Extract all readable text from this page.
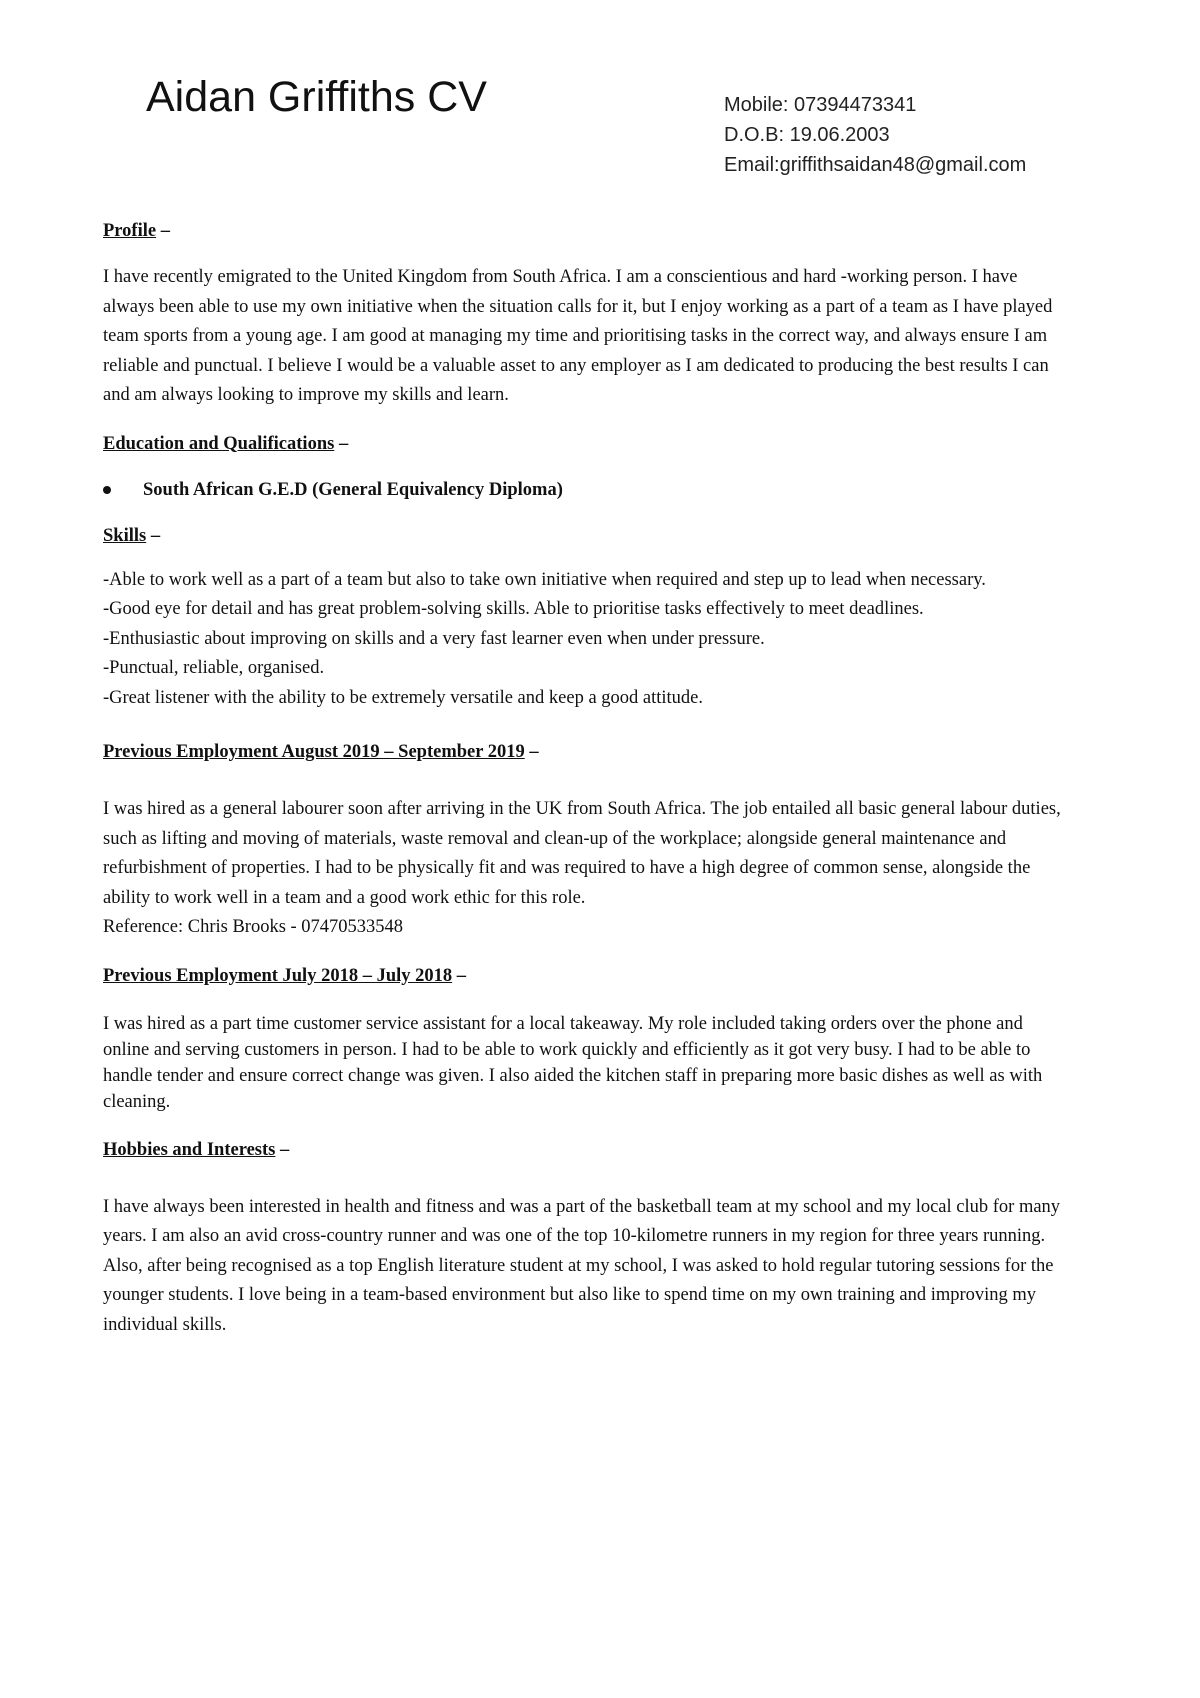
Aidan Griffiths CV	Mobile: 07394473341
D.O.B: 19.06.2003
Email:griffithsaidan48@gmail.com

Profile –

I have recently emigrated to the United Kingdom from South Africa. I am a conscientious and hard -working person. I have always been able to use my own initiative when the situation calls for it, but I enjoy working as a part of a team as I have played team sports from a young age. I am good at managing my time and prioritising tasks in the correct way, and always ensure I am reliable and punctual. I believe I would be a valuable asset to any employer as I am dedicated to producing the best results I can and am always looking to improve my skills and learn.

Education and Qualifications –

South African G.E.D (General Equivalency Diploma)

Skills –

-Able to work well as a part of a team but also to take own initiative when required and step up to lead when necessary.
-Good eye for detail and has great problem-solving skills. Able to prioritise tasks effectively to meet deadlines.
-Enthusiastic about improving on skills and a very fast learner even when under pressure.
-Punctual, reliable, organised.
-Great listener with the ability to be extremely versatile and keep a good attitude.

Previous Employment August 2019 – September 2019 –

I was hired as a general labourer soon after arriving in the UK from South Africa. The job entailed all basic general labour duties, such as lifting and moving of materials, waste removal and clean-up of the workplace; alongside general maintenance and refurbishment of properties. I had to be physically fit and was required to have a high degree of common sense, alongside the ability to work well in a team and a good work ethic for this role.
Reference: Chris Brooks - 07470533548

Previous Employment July 2018 – July 2018 –

I was hired as a part time customer service assistant for a local takeaway. My role included taking orders over the phone and online and serving customers in person. I had to be able to work quickly and efficiently as it got very busy. I had to be able to handle tender and ensure correct change was given. I also aided the kitchen staff in preparing more basic dishes as well as with cleaning.

Hobbies and Interests –

I have always been interested in health and fitness and was a part of the basketball team at my school and my local club for many years. I am also an avid cross-country runner and was one of the top 10-kilometre runners in my region for three years running. Also, after being recognised as a top English literature student at my school, I was asked to hold regular tutoring sessions for the younger students. I love being in a team-based environment but also like to spend time on my own training and improving my individual skills.
